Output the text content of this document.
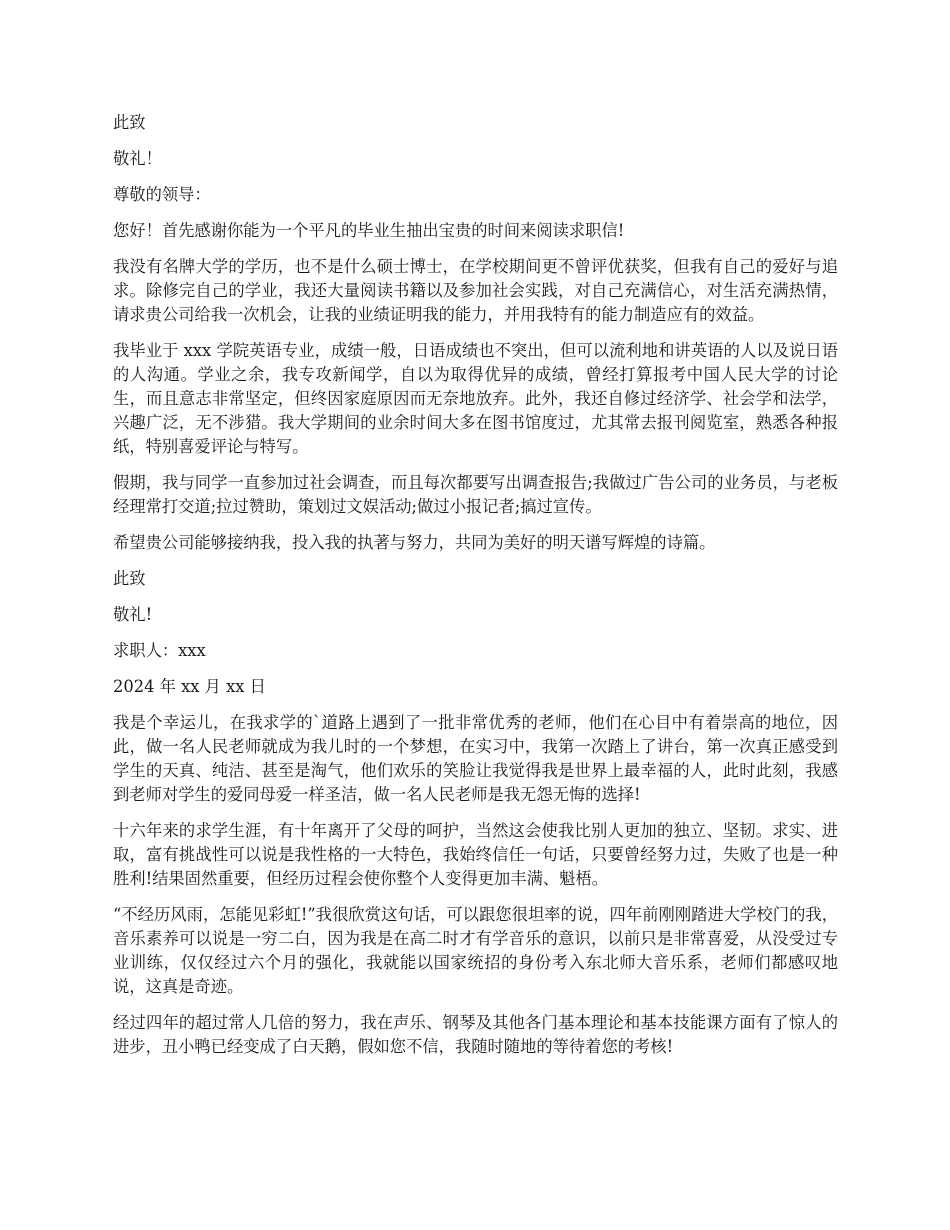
此致

敬礼！

尊敬的领导：

您好！首先感谢你能为一个平凡的毕业生抽出宝贵的时间来阅读求职信!

我没有名牌大学的学历，也不是什么硕士博士，在学校期间更不曾评优获奖，但我有自己的爱好与追求。除修完自己的学业，我还大量阅读书籍以及参加社会实践，对自己充满信心，对生活充满热情，请求贵公司给我一次机会，让我的业绩证明我的能力，并用我特有的能力制造应有的效益。

我毕业于 xxx 学院英语专业，成绩一般，日语成绩也不突出，但可以流利地和讲英语的人以及说日语的人沟通。学业之余，我专攻新闻学，自以为取得优异的成绩，曾经打算报考中国人民大学的讨论生，而且意志非常坚定，但终因家庭原因而无奈地放弃。此外，我还自修过经济学、社会学和法学，兴趣广泛，无不涉猎。我大学期间的业余时间大多在图书馆度过，尤其常去报刊阅览室，熟悉各种报纸，特别喜爱评论与特写。

假期，我与同学一直参加过社会调查，而且每次都要写出调查报告;我做过广告公司的业务员，与老板经理常打交道;拉过赞助，策划过文娱活动;做过小报记者;搞过宣传。

希望贵公司能够接纳我，投入我的执著与努力，共同为美好的明天谱写辉煌的诗篇。

此致

敬礼!

求职人：xxx

2024 年 xx 月 xx 日

我是个幸运儿，在我求学的`道路上遇到了一批非常优秀的老师，他们在心目中有着崇高的地位，因此，做一名人民老师就成为我儿时的一个梦想，在实习中，我第一次踏上了讲台，第一次真正感受到学生的天真、纯洁、甚至是淘气，他们欢乐的笑脸让我觉得我是世界上最幸福的人，此时此刻，我感到老师对学生的爱同母爱一样圣洁，做一名人民老师是我无怨无悔的选择!

十六年来的求学生涯，有十年离开了父母的呵护，当然这会使我比别人更加的独立、坚韧。求实、进取，富有挑战性可以说是我性格的一大特色，我始终信任一句话，只要曾经努力过，失败了也是一种胜利!结果固然重要，但经历过程会使你整个人变得更加丰满、魁梧。

“不经历风雨，怎能见彩虹!”我很欣赏这句话，可以跟您很坦率的说，四年前刚刚踏进大学校门的我，音乐素养可以说是一穷二白，因为我是在高二时才有学音乐的意识，以前只是非常喜爱，从没受过专业训练，仅仅经过六个月的强化，我就能以国家统招的身份考入东北师大音乐系，老师们都感叹地说，这真是奇迹。

经过四年的超过常人几倍的努力，我在声乐、钢琴及其他各门基本理论和基本技能课方面有了惊人的进步，丑小鸭已经变成了白天鹅，假如您不信，我随时随地的等待着您的考核!
